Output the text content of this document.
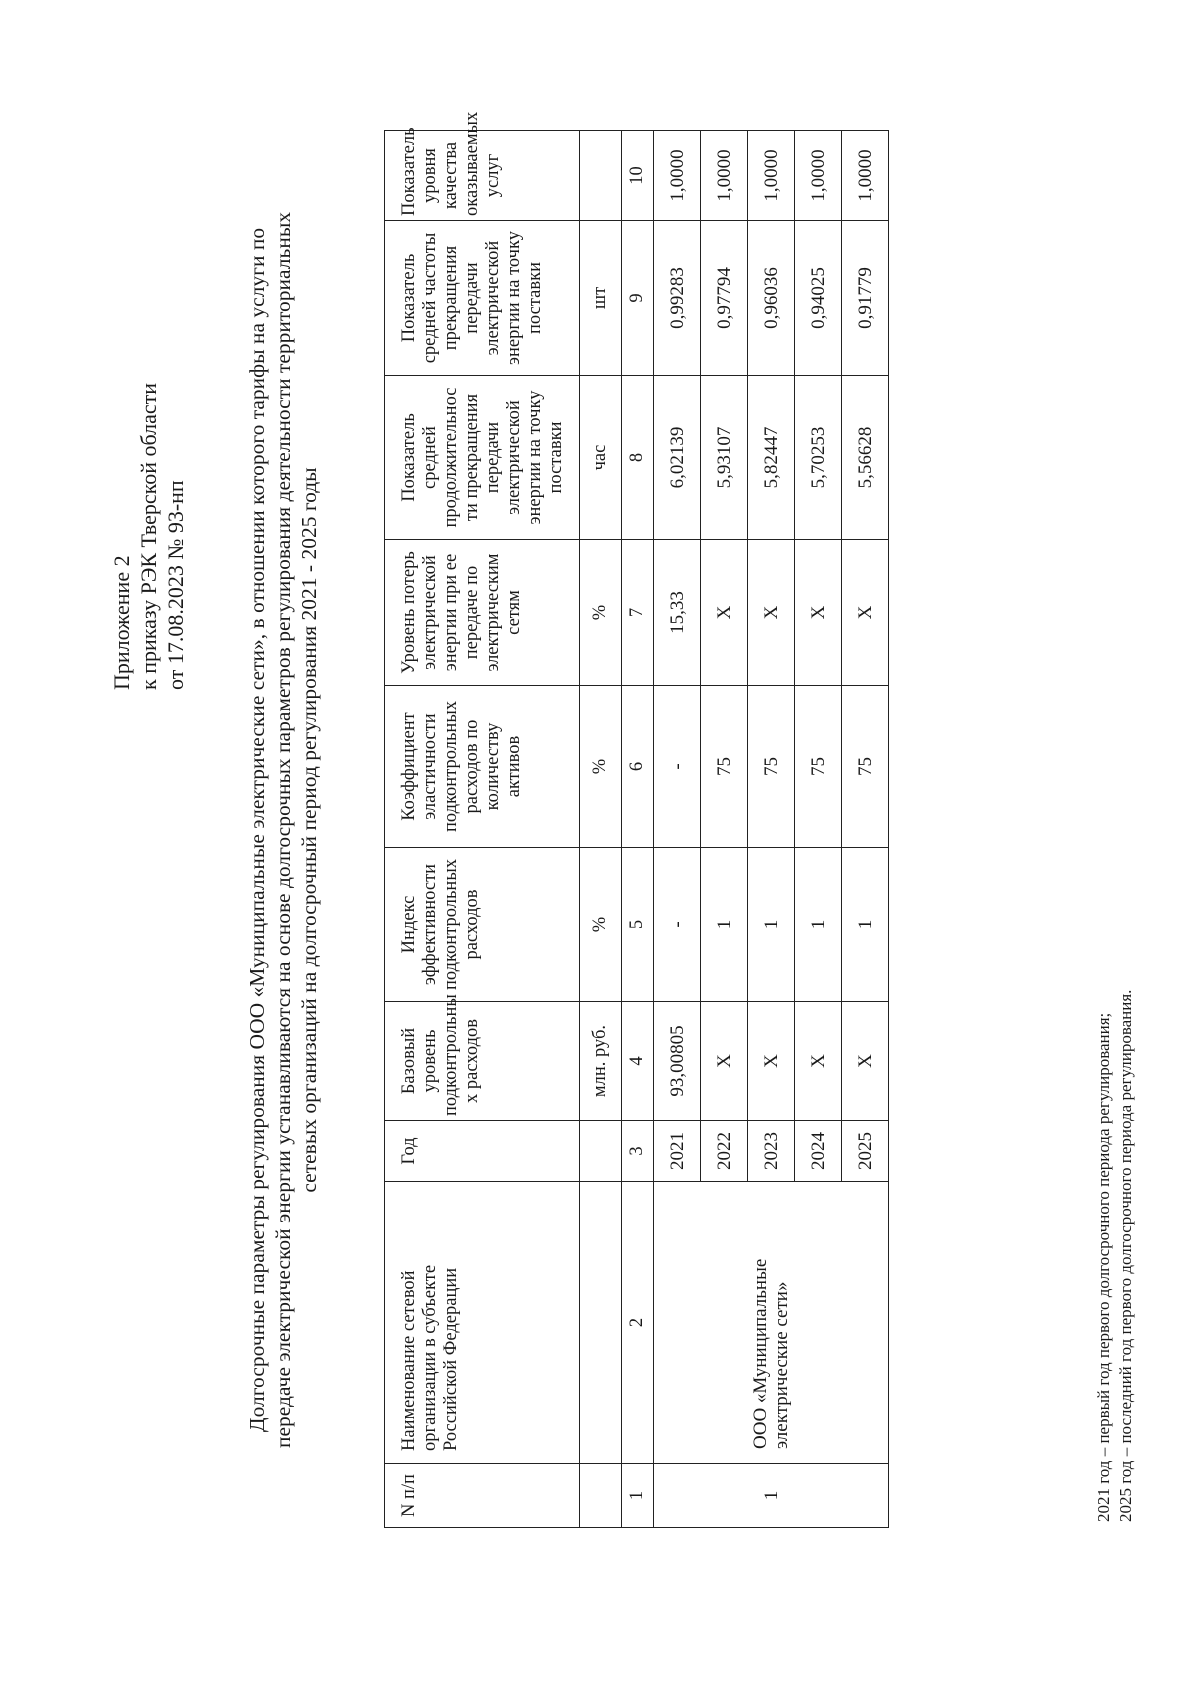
Приложение 2 к приказу РЭК Тверской области от 17.08.2023 № 93-нп	Долгосрочные параметры регулирования ООО «Муниципальные электрические сети», в отношении которого тарифы на услуги по передаче электрической энергии устанавливаются на основе долгосрочных параметров регулирования деятельности территориальных сетевых организаций на долгосрочный период регулирования 2021 - 2025 годы
N п/п	Наименование сетевой организации в субъекте Российской Федерации	Год	Базовый уровень подконтрольны х расходов	Индекс эффективности подконтрольных расходов	Коэффициент эластичности подконтрольных расходов по количеству активов	Уровень потерь электрической энергии при ее передаче по электрическим сетям	Показатель средней продолжительнос ти прекращения передачи электрической энергии на точку поставки	Показатель средней частоты прекращения передачи электрической энергии на точку поставки	Показатель уровня качества оказываемых услуг
			млн. руб.	%	%	%	час	шт	
1	2	3	4	5	6	7	8	9	10
1	ООО «Муниципальные электрические сети»	2021	93,00805	-	-	15,33	6,02139	0,99283	1,0000
		2022	X	1	75	X	5,93107	0,97794	1,0000
		2023	X	1	75	X	5,82447	0,96036	1,0000
		2024	X	1	75	X	5,70253	0,94025	1,0000
		2025	X	1	75	X	5,56628	0,91779	1,0000
2021 год – первый год первого долгосрочного периода регулирования; 2025 год – последний год первого долгосрочного периода регулирования.
